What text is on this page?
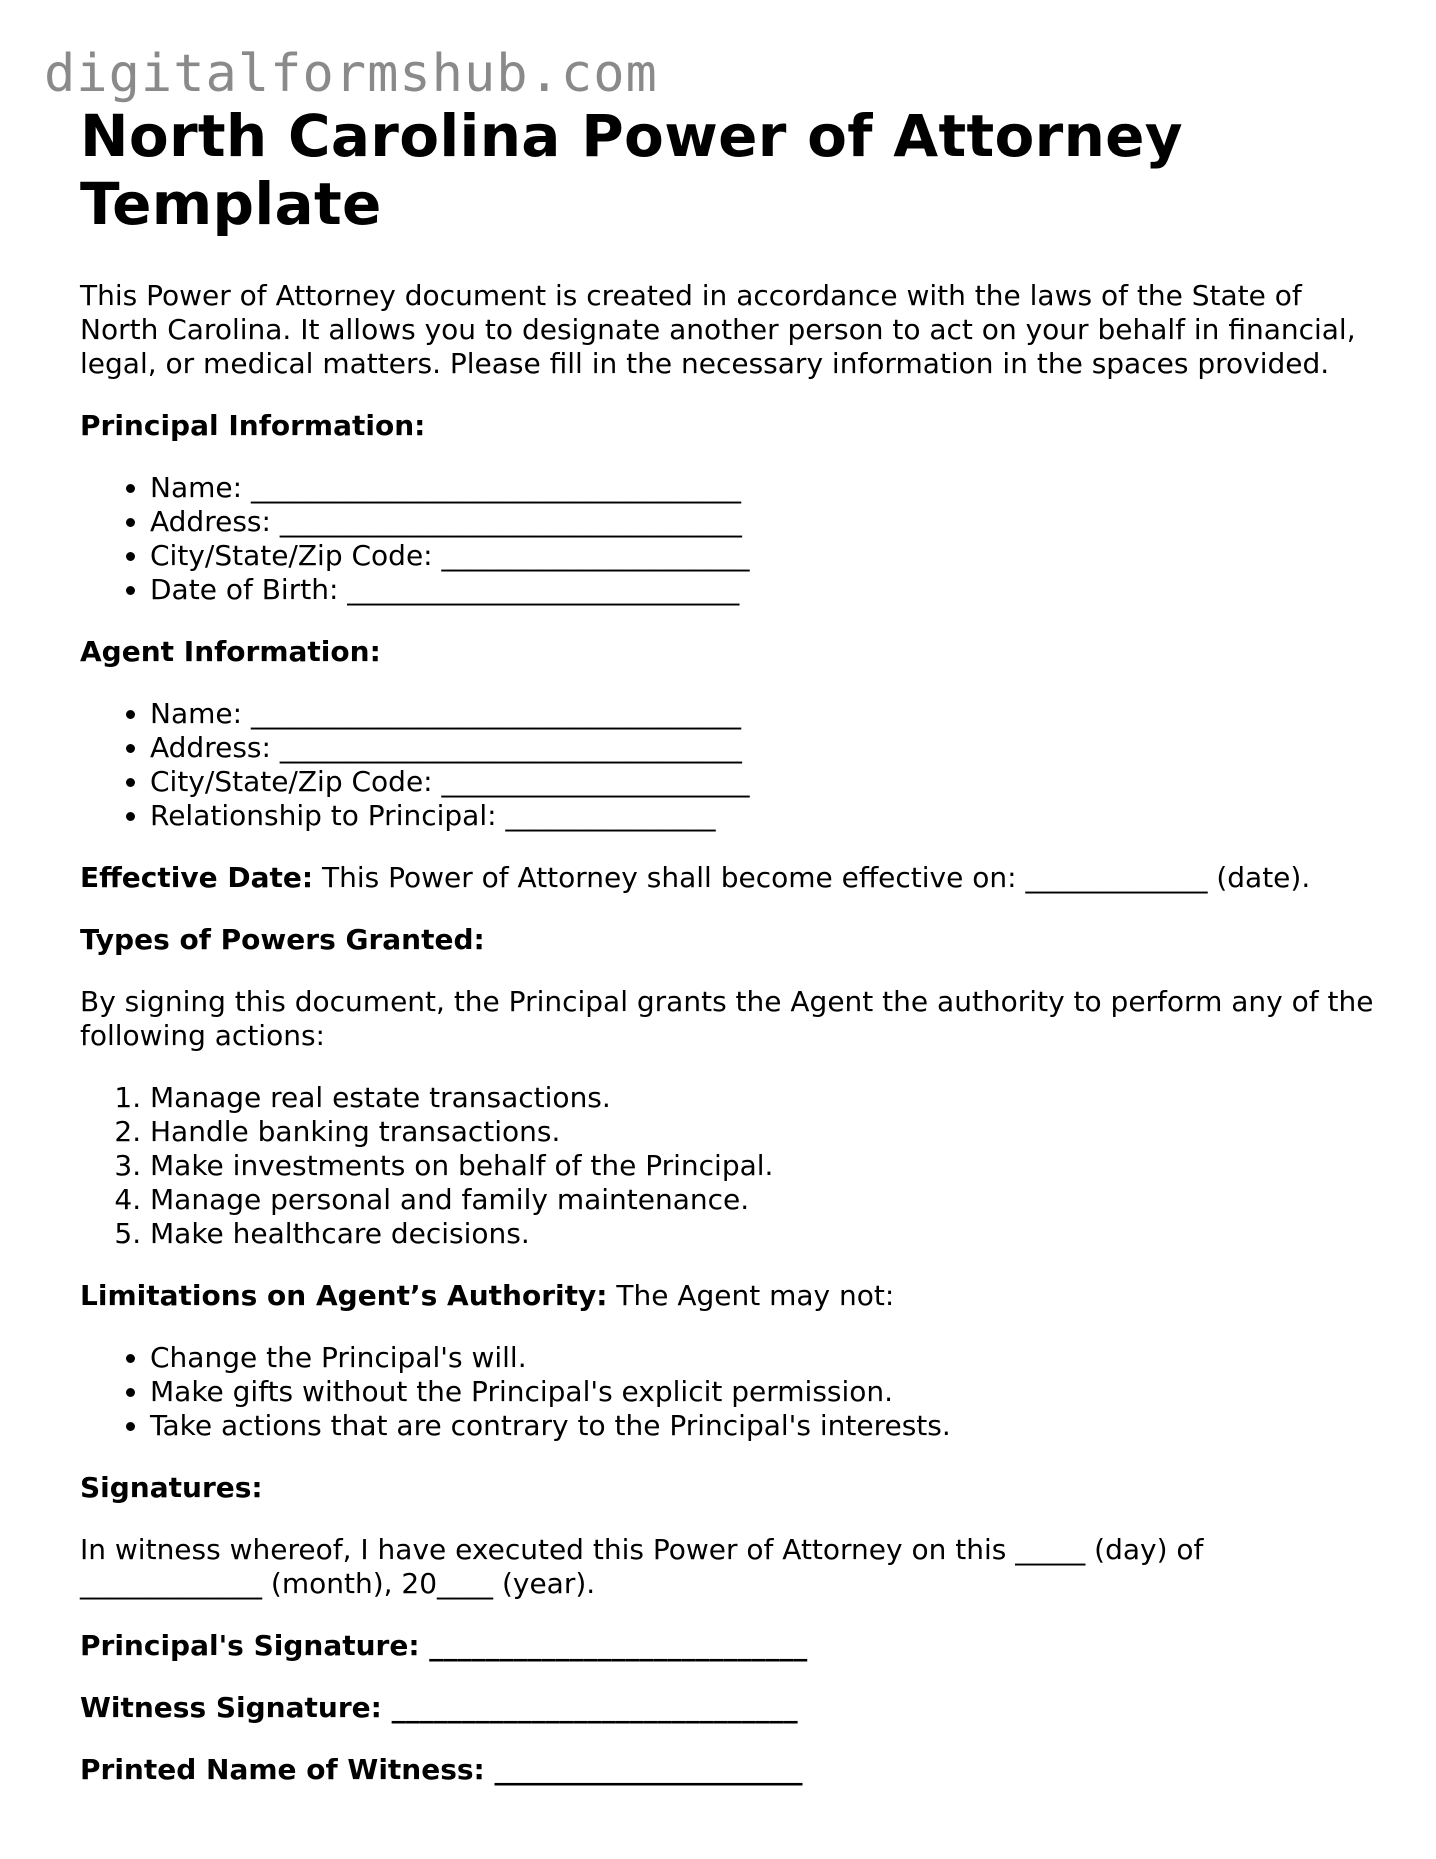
digitalformshub.com
North Carolina Power of Attorney Template

This Power of Attorney document is created in accordance with the laws of the State of North Carolina. It allows you to designate another person to act on your behalf in financial, legal, or medical matters. Please fill in the necessary information in the spaces provided.

Principal Information:

• Name: ___________________________________
• Address: _________________________________
• City/State/Zip Code: ______________________
• Date of Birth: ____________________________

Agent Information:

• Name: ___________________________________
• Address: _________________________________
• City/State/Zip Code: ______________________
• Relationship to Principal: _______________

Effective Date: This Power of Attorney shall become effective on: _____________ (date).

Types of Powers Granted:

By signing this document, the Principal grants the Agent the authority to perform any of the following actions:

1. Manage real estate transactions.
2. Handle banking transactions.
3. Make investments on behalf of the Principal.
4. Manage personal and family maintenance.
5. Make healthcare decisions.

Limitations on Agent’s Authority: The Agent may not:

• Change the Principal's will.
• Make gifts without the Principal's explicit permission.
• Take actions that are contrary to the Principal's interests.

Signatures:

In witness whereof, I have executed this Power of Attorney on this _____ (day) of _____________ (month), 20____ (year).

Principal's Signature: ___________________________

Witness Signature: _____________________________

Printed Name of Witness: ______________________
